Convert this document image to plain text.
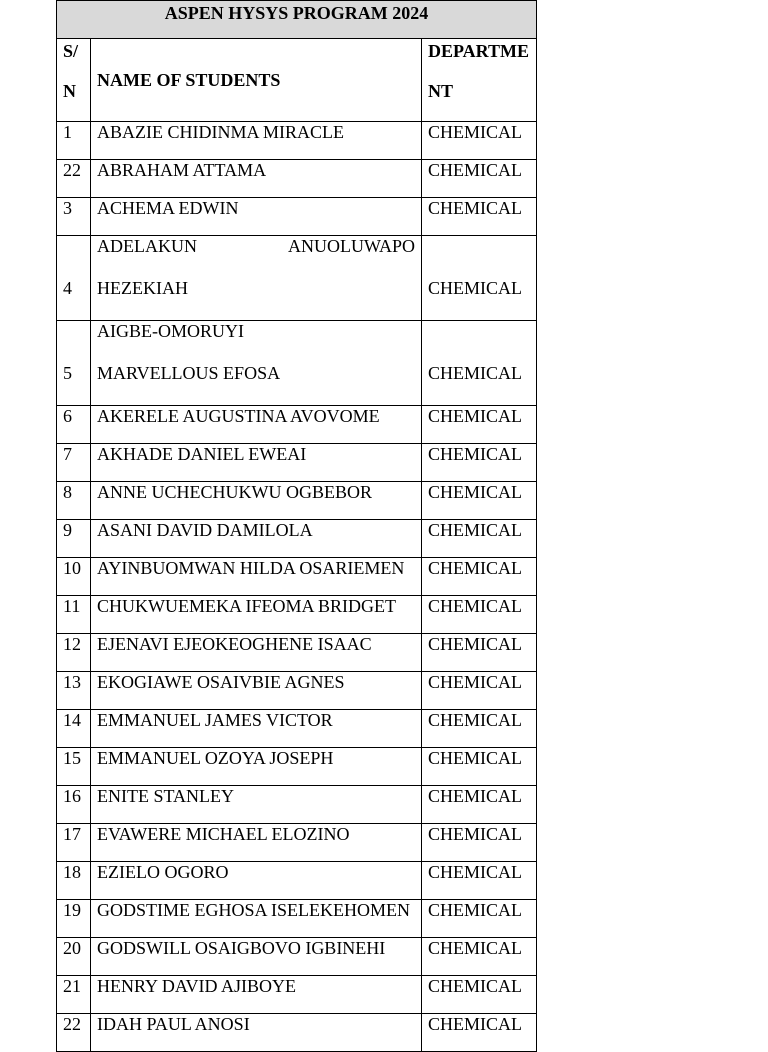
ASPEN HYSYS PROGRAM 2024		

S/
N	NAME OF STUDENTS	DEPARTME
NT

1	ABAZIE CHIDINMA MIRACLE	CHEMICAL
22	ABRAHAM ATTAMA	CHEMICAL
3	ACHEMA EDWIN	CHEMICAL
4	ADELAKUN ANUOLUWAPO
HEZEKIAH	CHEMICAL
5	AIGBE-OMORUYI
MARVELLOUS EFOSA	CHEMICAL
6	AKERELE AUGUSTINA AVOVOME	CHEMICAL
7	AKHADE DANIEL EWEAI	CHEMICAL
8	ANNE UCHECHUKWU OGBEBOR	CHEMICAL
9	ASANI DAVID DAMILOLA	CHEMICAL
10	AYINBUOMWAN HILDA OSARIEMEN	CHEMICAL
11	CHUKWUEMEKA IFEOMA BRIDGET	CHEMICAL
12	EJENAVI EJEOKEOGHENE ISAAC	CHEMICAL
13	EKOGIAWE OSAIVBIE AGNES	CHEMICAL
14	EMMANUEL JAMES VICTOR	CHEMICAL
15	EMMANUEL OZOYA JOSEPH	CHEMICAL
16	ENITE STANLEY	CHEMICAL
17	EVAWERE MICHAEL ELOZINO	CHEMICAL
18	EZIELO OGORO	CHEMICAL
19	GODSTIME EGHOSA ISELEKEHOMEN	CHEMICAL
20	GODSWILL OSAIGBOVO IGBINEHI	CHEMICAL
21	HENRY DAVID AJIBOYE	CHEMICAL
22	IDAH PAUL ANOSI	CHEMICAL
